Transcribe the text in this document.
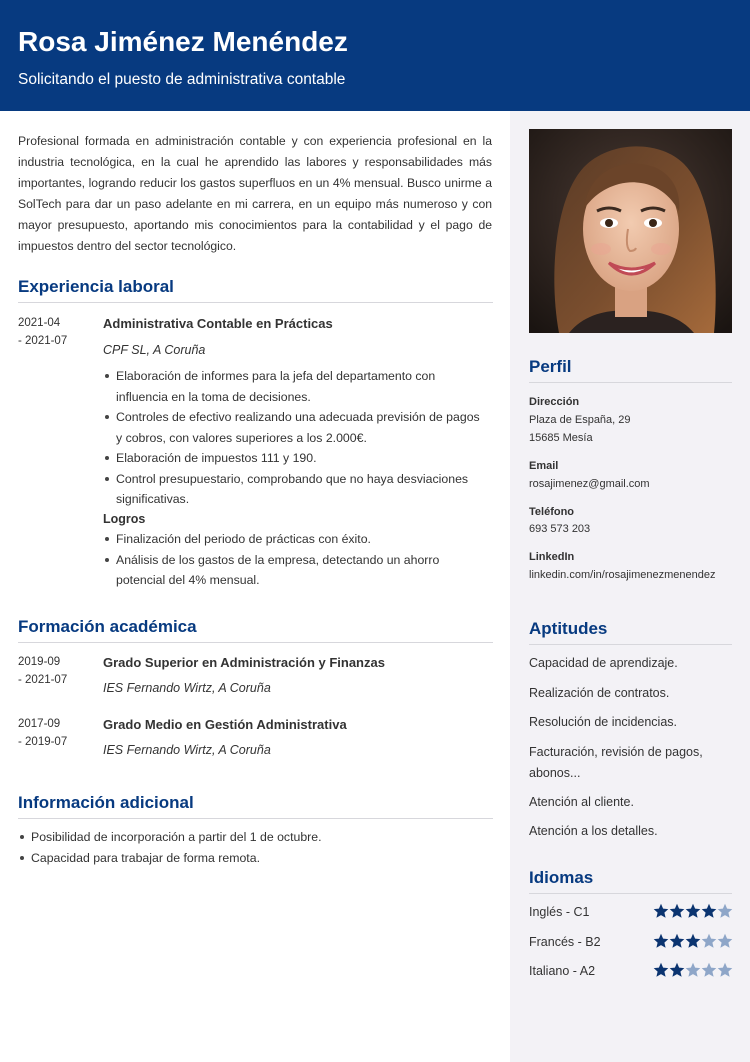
Rosa Jiménez Menéndez
Solicitando el puesto de administrativa contable

Profesional formada en administración contable y con experiencia profesional en la industria tecnológica, en la cual he aprendido las labores y responsabilidades más importantes, logrando reducir los gastos superfluos en un 4% mensual. Busco unirme a SolTech para dar un paso adelante en mi carrera, en un equipo más numeroso y con mayor presupuesto, aportando mis conocimientos para la contabilidad y el pago de impuestos dentro del sector tecnológico.

Experiencia laboral
2021-04
- 2021-07
Administrativa Contable en Prácticas
CPF SL, A Coruña
Elaboración de informes para la jefa del departamento con influencia en la toma de decisiones.
Controles de efectivo realizando una adecuada previsión de pagos y cobros, con valores superiores a los 2.000€.
Elaboración de impuestos 111 y 190.
Control presupuestario, comprobando que no haya desviaciones significativas.
Logros
Finalización del periodo de prácticas con éxito.
Análisis de los gastos de la empresa, detectando un ahorro potencial del 4% mensual.
Formación académica
2019-09
- 2021-07
Grado Superior en Administración y Finanzas
IES Fernando Wirtz, A Coruña
2017-09
- 2019-07
Grado Medio en Gestión Administrativa
IES Fernando Wirtz, A Coruña
Información adicional
Posibilidad de incorporación a partir del 1 de octubre.
Capacidad para trabajar de forma remota.
Perfil
Dirección
Plaza de España, 29
15685 Mesía
Email
rosajimenez@gmail.com
Teléfono
693 573 203
LinkedIn
linkedin.com/in/rosajimenezmenendez
Aptitudes
Capacidad de aprendizaje.
Realización de contratos.
Resolución de incidencias.
Facturación, revisión de pagos, abonos...
Atención al cliente.
Atención a los detalles.
Idiomas
Inglés - C1
Francés - B2
Italiano - A2
